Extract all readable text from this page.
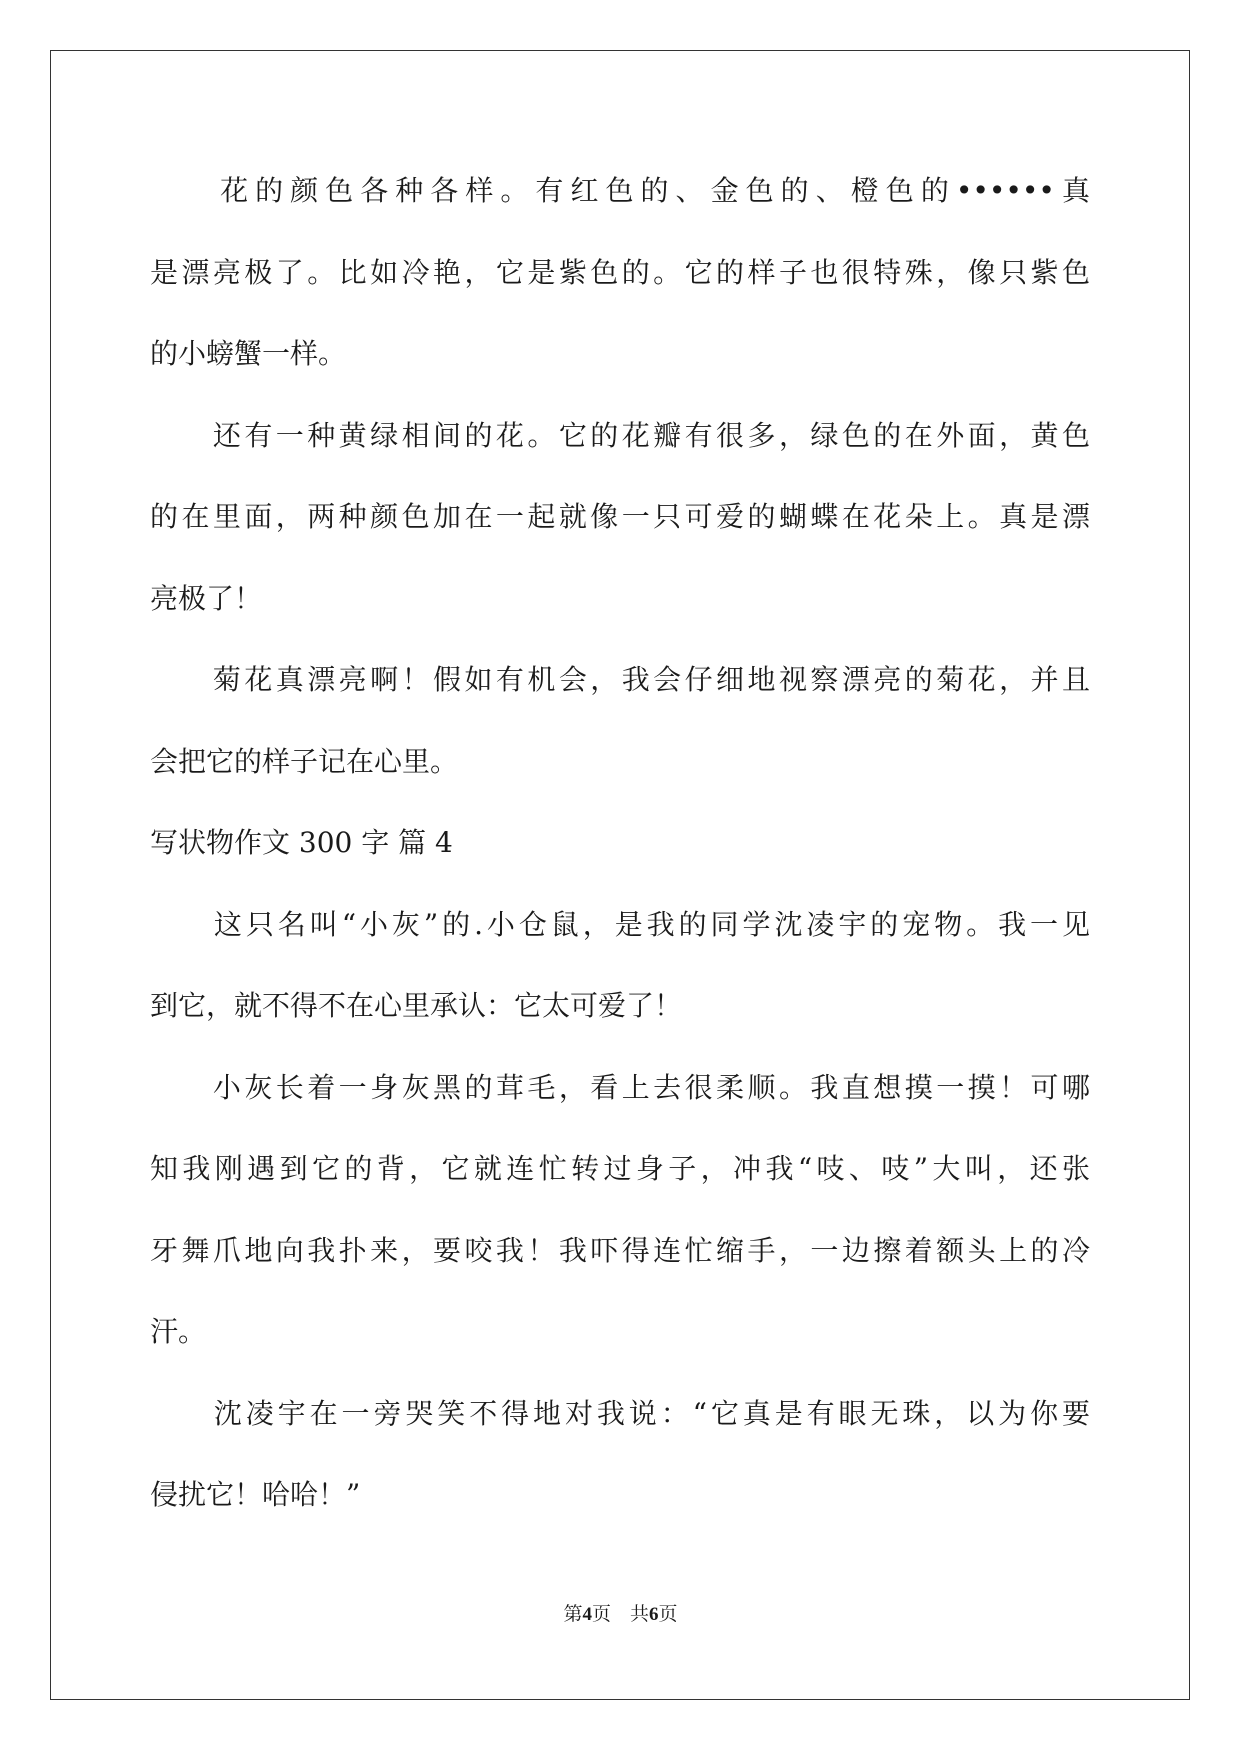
　　花的颜色各种各样。有红色的、金色的、橙色的••••••真
是漂亮极了。比如冷艳，它是紫色的。它的样子也很特殊，像只紫色
的小螃蟹一样。
　　还有一种黄绿相间的花。它的花瓣有很多，绿色的在外面，黄色
的在里面，两种颜色加在一起就像一只可爱的蝴蝶在花朵上。真是漂
亮极了！
　　菊花真漂亮啊！假如有机会，我会仔细地视察漂亮的菊花，并且
会把它的样子记在心里。
写状物作文 300 字 篇 4
　　这只名叫“小灰”的.小仓鼠，是我的同学沈凌宇的宠物。我一见
到它，就不得不在心里承认：它太可爱了！
　　小灰长着一身灰黑的茸毛，看上去很柔顺。我直想摸一摸！可哪
知我刚遇到它的背，它就连忙转过身子，冲我“吱、吱”大叫，还张
牙舞爪地向我扑来，要咬我！我吓得连忙缩手，一边擦着额头上的冷
汗。
　　沈凌宇在一旁哭笑不得地对我说：“它真是有眼无珠，以为你要
侵扰它！哈哈！”
第4页　共6页
